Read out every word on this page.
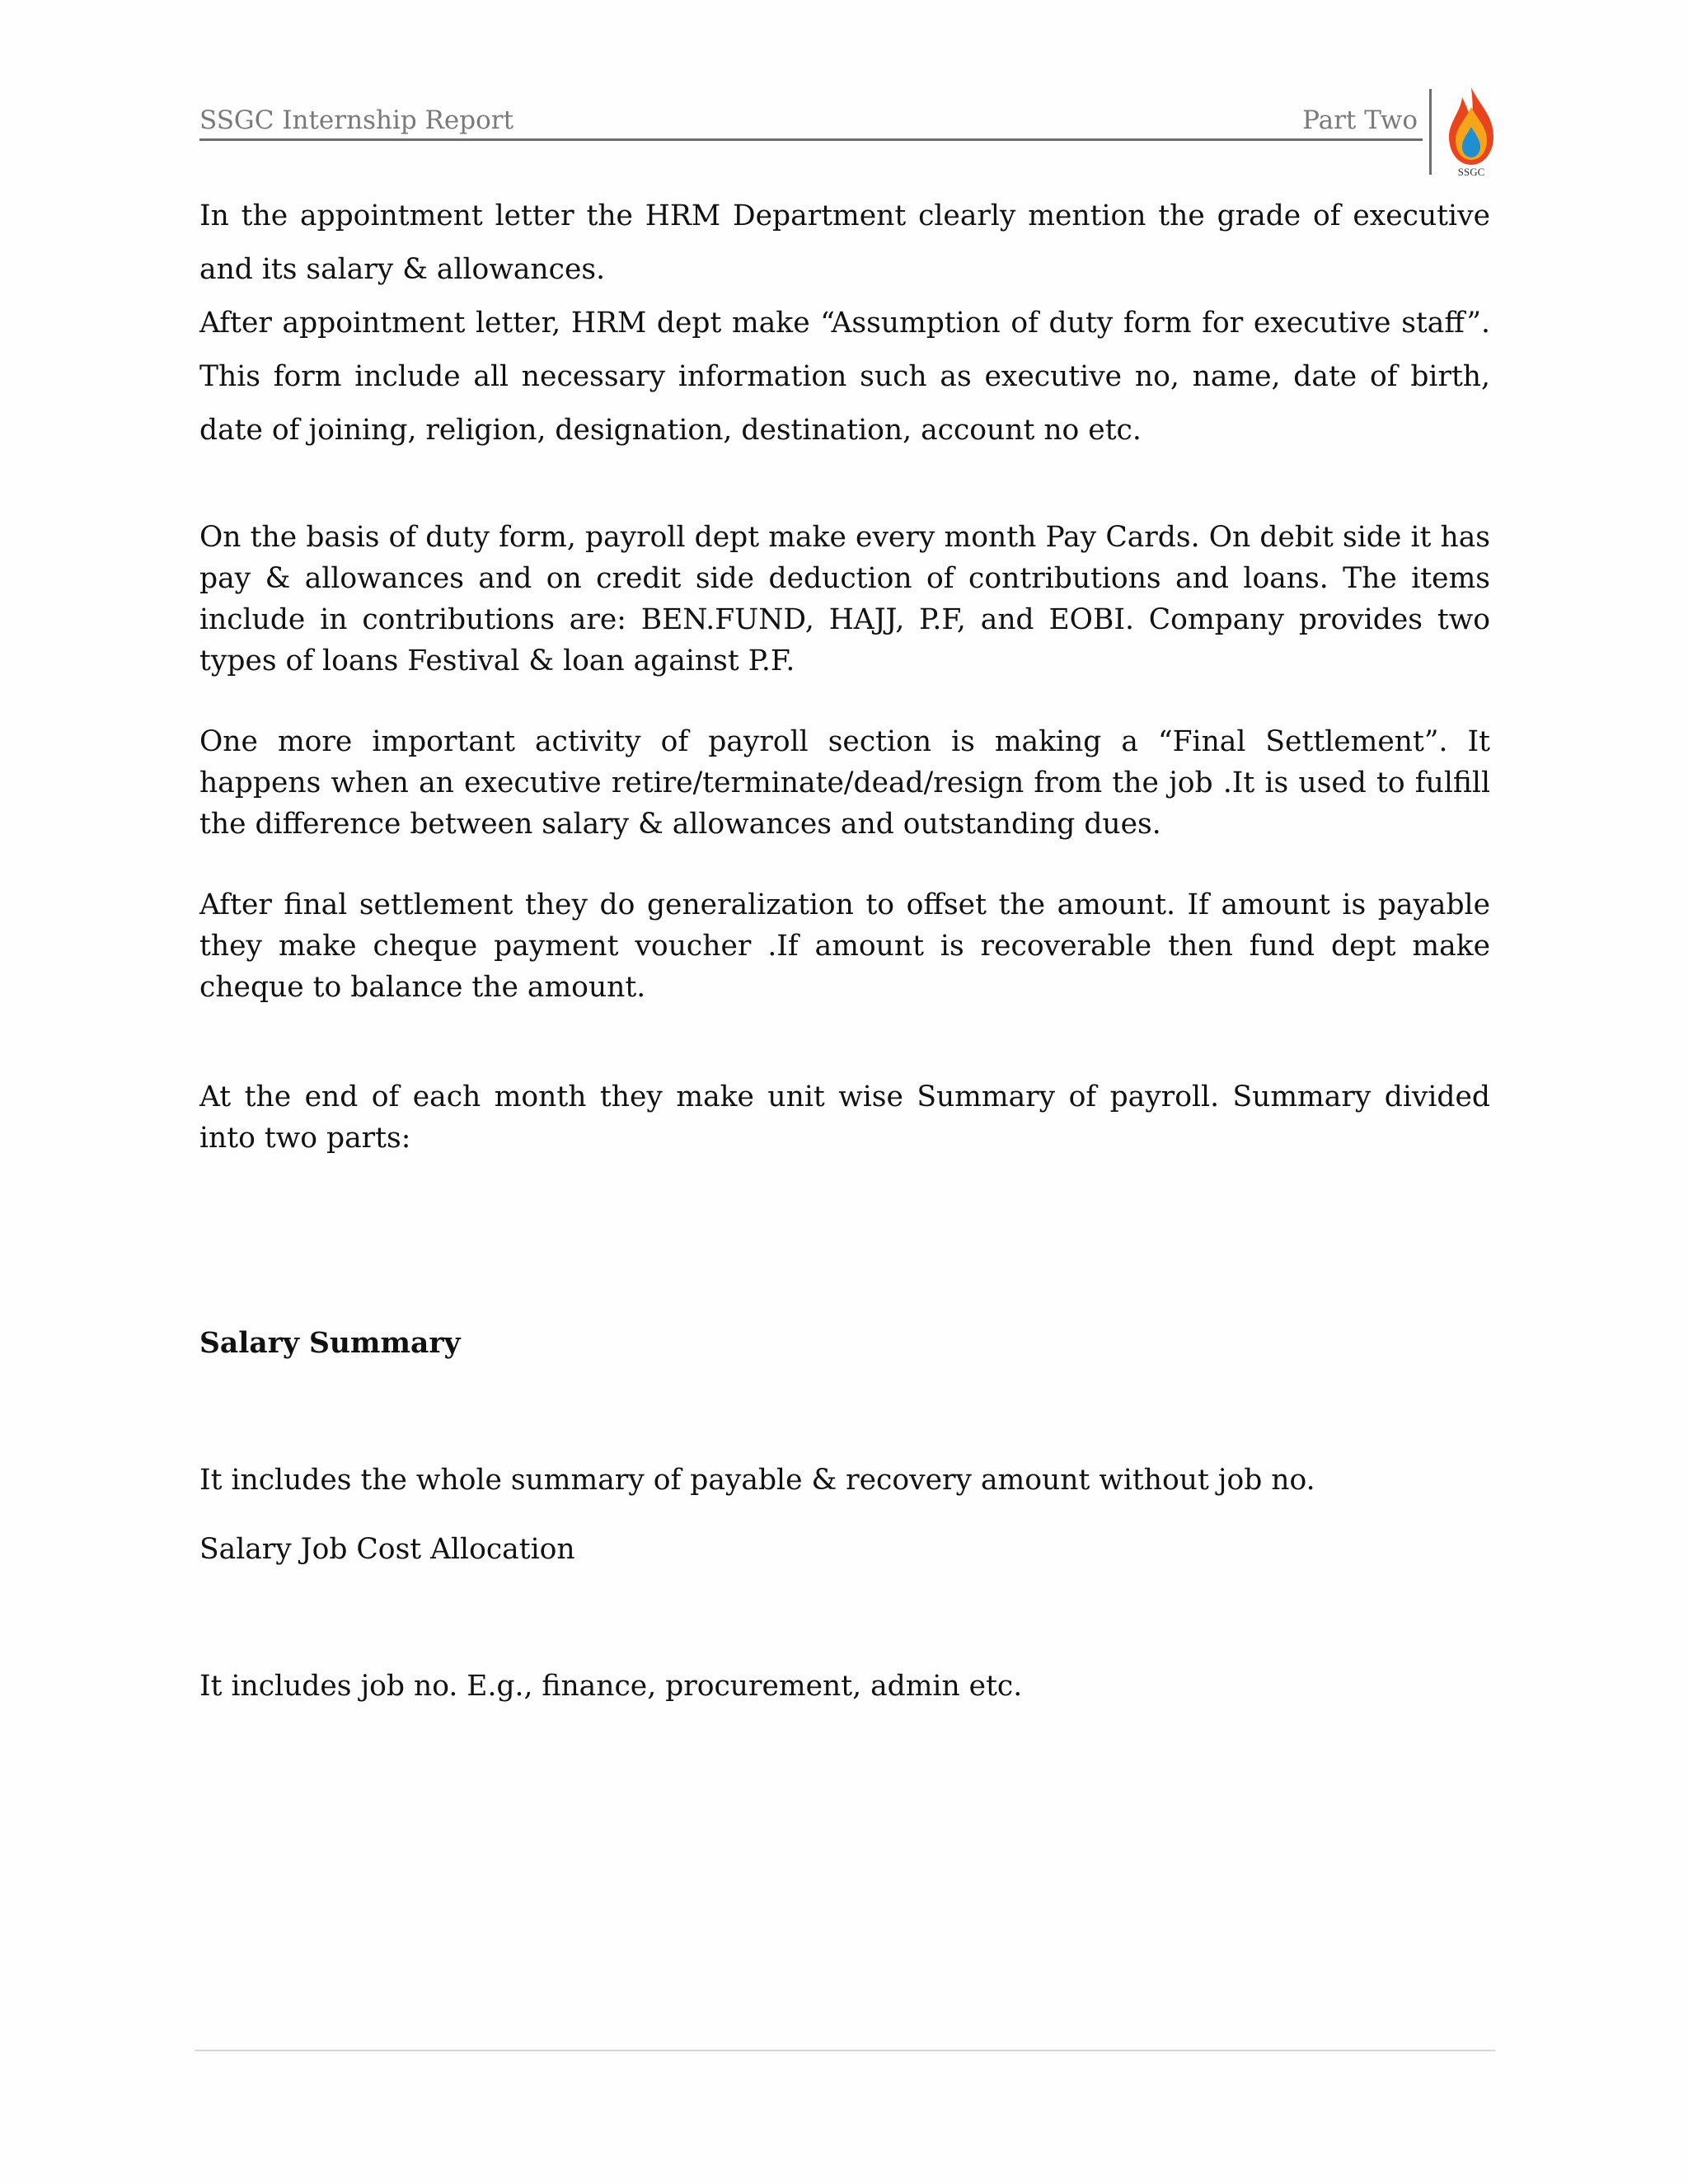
SSGC Internship Report	Part Two
SSGC

In the appointment letter the HRM Department clearly mention the grade of executive and its salary & allowances.

After appointment letter, HRM dept make “Assumption of duty form for executive staff”. This form include all necessary information such as executive no, name, date of birth, date of joining, religion, designation, destination, account no etc.

On the basis of duty form, payroll dept make every month Pay Cards. On debit side it has pay & allowances and on credit side deduction of contributions and loans. The items include in contributions are: BEN.FUND, HAJJ, P.F, and EOBI. Company provides two types of loans Festival & loan against P.F.

One more important activity of payroll section is making a “Final Settlement”. It happens when an executive retire/terminate/dead/resign from the job .It is used to fulfill the difference between salary & allowances and outstanding dues.

After final settlement they do generalization to offset the amount. If amount is payable they make cheque payment voucher .If amount is recoverable then fund dept make cheque to balance the amount.

At the end of each month they make unit wise Summary of payroll. Summary divided into two parts:

Salary Summary

It includes the whole summary of payable & recovery amount without job no.

Salary Job Cost Allocation

It includes job no. E.g., finance, procurement, admin etc.
